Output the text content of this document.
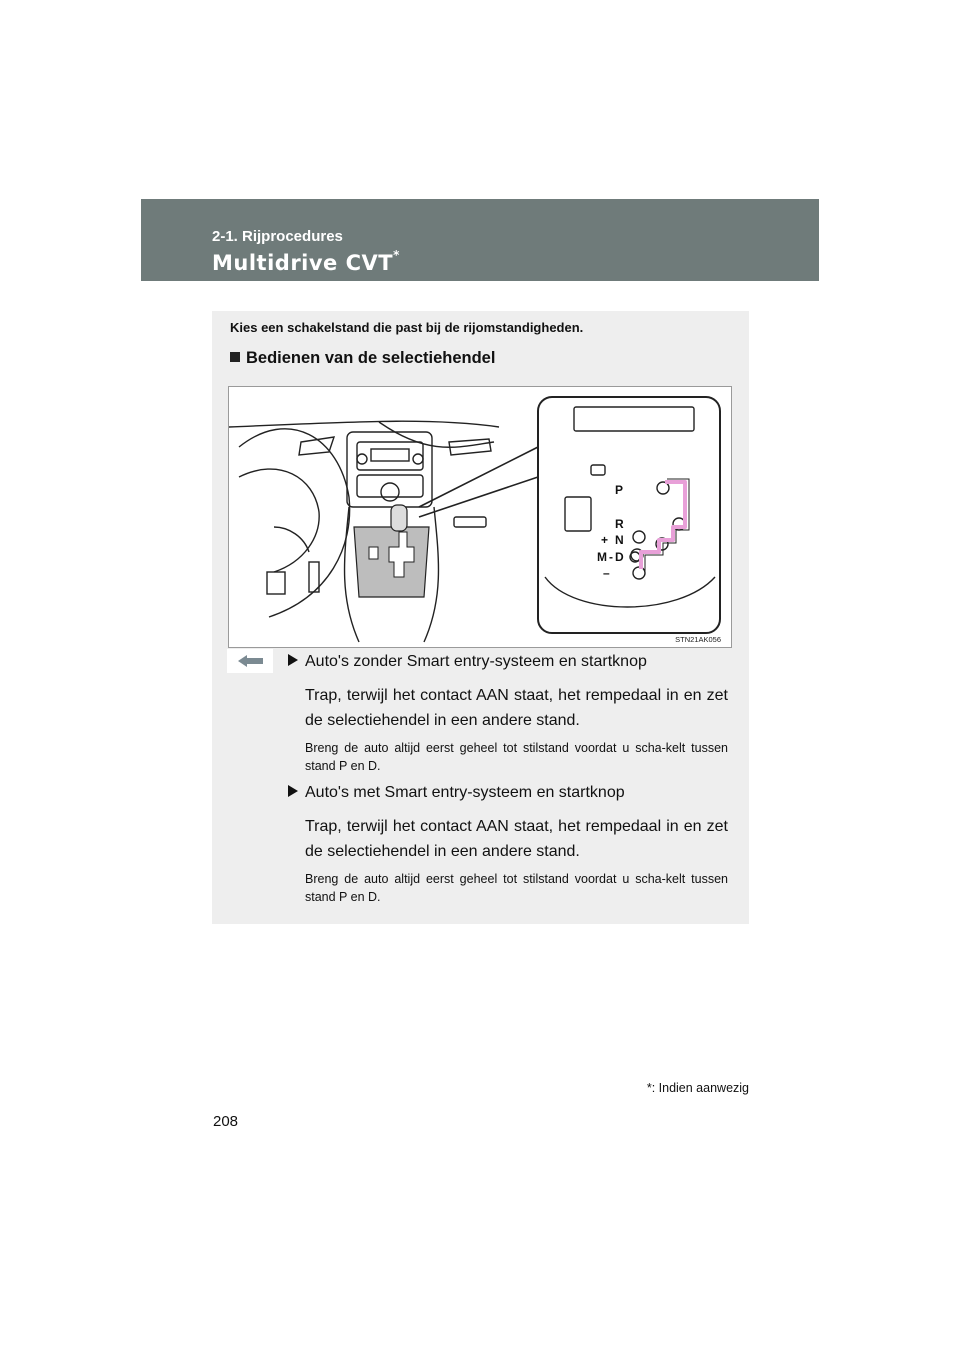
2-1. Rijprocedures
Multidrive CVT*
Kies een schakelstand die past bij de rijomstandigheden.
Bedienen van de selectiehendel
P
R
+ N
M - D
–
STN21AK056
Auto's zonder Smart entry-systeem en startknop
Trap, terwijl het contact AAN staat, het rempedaal in en zet de selectiehendel in een andere stand.
Breng de auto altijd eerst geheel tot stilstand voordat u scha-kelt tussen stand P en D.
Auto's met Smart entry-systeem en startknop
Trap, terwijl het contact AAN staat, het rempedaal in en zet de selectiehendel in een andere stand.
Breng de auto altijd eerst geheel tot stilstand voordat u scha-kelt tussen stand P en D.
*: Indien aanwezig
208
